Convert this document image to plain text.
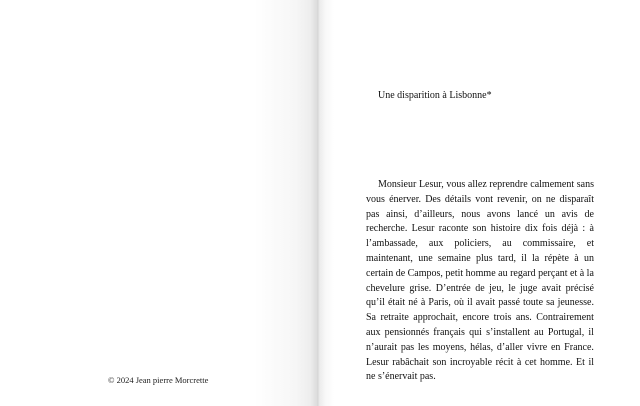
© 2024 Jean pierre Morcrette
Une disparition à Lisbonne*
Monsieur Lesur, vous allez reprendre calmement sans
vous énerver. Des détails vont revenir, on ne disparaît
pas ainsi, d’ailleurs, nous avons lancé un avis de
recherche. Lesur raconte son histoire dix fois déjà : à
l’ambassade, aux policiers, au commissaire, et
maintenant, une semaine plus tard, il la répète à un
certain de Campos, petit homme au regard perçant et à la
chevelure grise. D’entrée de jeu, le juge avait précisé
qu’il était né à Paris, où il avait passé toute sa jeunesse.
Sa retraite approchait, encore trois ans. Contrairement
aux pensionnés français qui s’installent au Portugal, il
n’aurait pas les moyens, hélas, d’aller vivre en France.
Lesur rabâchait son incroyable récit à cet homme. Et il
ne s’énervait pas.
